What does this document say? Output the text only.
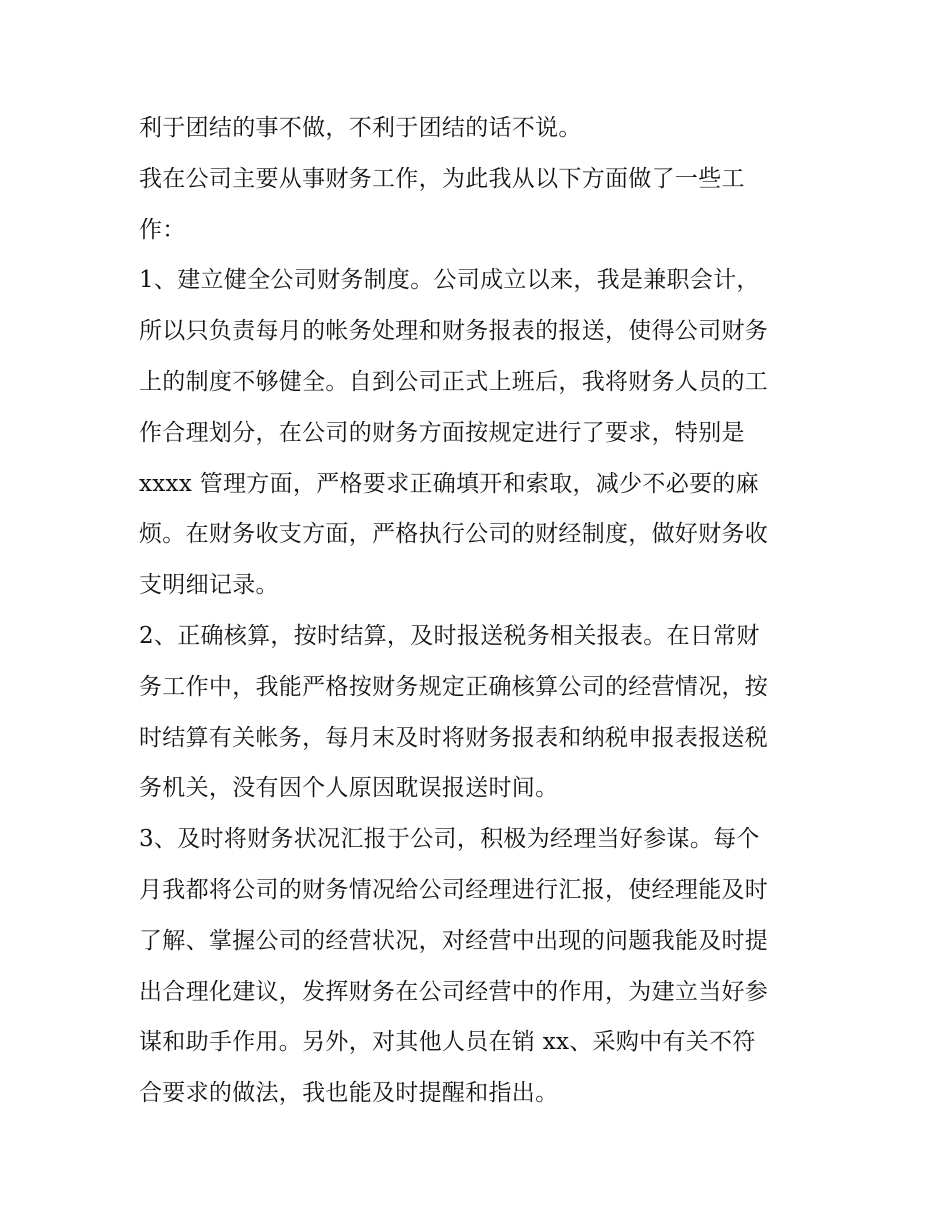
利于团结的事不做，不利于团结的话不说。
我在公司主要从事财务工作，为此我从以下方面做了一些工
作：
1、建立健全公司财务制度。公司成立以来，我是兼职会计，
所以只负责每月的帐务处理和财务报表的报送，使得公司财务
上的制度不够健全。自到公司正式上班后，我将财务人员的工
作合理划分，在公司的财务方面按规定进行了要求，特别是
xxxx 管理方面，严格要求正确填开和索取，减少不必要的麻
烦。在财务收支方面，严格执行公司的财经制度，做好财务收
支明细记录。
2、正确核算，按时结算，及时报送税务相关报表。在日常财
务工作中，我能严格按财务规定正确核算公司的经营情况，按
时结算有关帐务，每月末及时将财务报表和纳税申报表报送税
务机关，没有因个人原因耽误报送时间。
3、及时将财务状况汇报于公司，积极为经理当好参谋。每个
月我都将公司的财务情况给公司经理进行汇报，使经理能及时
了解、掌握公司的经营状况，对经营中出现的问题我能及时提
出合理化建议，发挥财务在公司经营中的作用，为建立当好参
谋和助手作用。另外，对其他人员在销 xx、采购中有关不符
合要求的做法，我也能及时提醒和指出。
